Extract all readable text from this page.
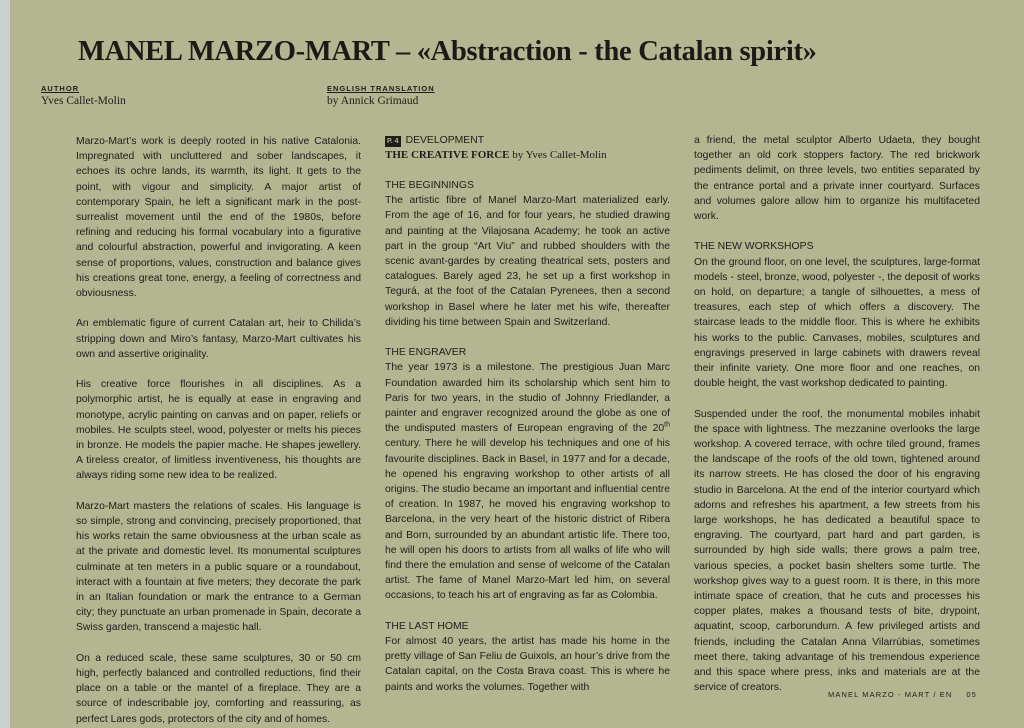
MANEL MARZO-MART – «Abstraction - the Catalan spirit»
AUTHOR
Yves Callet-Molin
ENGLISH TRANSLATION
by Annick Grimaud

Marzo-Mart’s work is deeply rooted in his native Catalonia. Impregnated with uncluttered and sober landscapes, it echoes its ochre lands, its warmth, its light. It gets to the point, with vigour and simplicity. A major artist of contemporary Spain, he left a significant mark in the post-surrealist movement until the end of the 1980s, before refining and reducing his formal vocabulary into a figurative and colourful abstraction, powerful and invigorating. A keen sense of proportions, values, construction and balance gives his creations great tone, energy, a feeling of correctness and obviousness.

An emblematic figure of current Catalan art, heir to Chilida’s stripping down and Miro’s fantasy, Marzo-Mart cultivates his own and assertive originality.

His creative force flourishes in all disciplines. As a polymorphic artist, he is equally at ease in engraving and monotype, acrylic painting on canvas and on paper, reliefs or mobiles. He sculpts steel, wood, polyester or melts his pieces in bronze. He models the papier mache. He shapes jewellery. A tireless creator, of limitless inventiveness, his thoughts are always riding some new idea to be realized.

Marzo-Mart masters the relations of scales. His language is so simple, strong and convincing, precisely proportioned, that his works retain the same obviousness at the urban scale as at the private and domestic level. Its monumental sculptures culminate at ten meters in a public square or a roundabout, interact with a fountain at five meters; they decorate the park in an Italian foundation or mark the entrance to a German city; they punctuate an urban promenade in Spain, decorate a Swiss garden, transcend a majestic hall.

On a reduced scale, these same sculptures, 30 or 50 cm high, perfectly balanced and controlled reductions, find their place on a table or the mantel of a fireplace. They are a source of indescribable joy, comforting and reassuring, as perfect Lares gods, protectors of the city and of homes.

P. 4 DEVELOPMENT
THE CREATIVE FORCE by Yves Callet-Molin
THE BEGINNINGS

The artistic fibre of Manel Marzo-Mart materialized early. From the age of 16, and for four years, he studied drawing and painting at the Vilajosana Academy; he took an active part in the group “Art Viu” and rubbed shoulders with the scenic avant-gardes by creating theatrical sets, posters and catalogues. Barely aged 23, he set up a first workshop in Tegurá, at the foot of the Catalan Pyrenees, then a second workshop in Basel where he later met his wife, thereafter dividing his time between Spain and Switzerland.

THE ENGRAVER

The year 1973 is a milestone. The prestigious Juan Marc Foundation awarded him its scholarship which sent him to Paris for two years, in the studio of Johnny Friedlander, a painter and engraver recognized around the globe as one of the undisputed masters of European engraving of the 20th century. There he will develop his techniques and one of his favourite disciplines. Back in Basel, in 1977 and for a decade, he opened his engraving workshop to other artists of all origins. The studio became an important and influential centre of creation. In 1987, he moved his engraving workshop to Barcelona, in the very heart of the historic district of Ribera and Born, surrounded by an abundant artistic life. There too, he will open his doors to artists from all walks of life who will find there the emulation and sense of welcome of the Catalan artist. The fame of Manel Marzo-Mart led him, on several occasions, to teach his art of engraving as far as Colombia.

THE LAST HOME

For almost 40 years, the artist has made his home in the pretty village of San Feliu de Guixols, an hour’s drive from the Catalan capital, on the Costa Brava coast. This is where he paints and works the volumes. Together with

a friend, the metal sculptor Alberto Udaeta, they bought together an old cork stoppers factory. The red brickwork pediments delimit, on three levels, two entities separated by the entrance portal and a private inner courtyard. Surfaces and volumes galore allow him to organize his multifaceted work.

THE NEW WORKSHOPS

On the ground floor, on one level, the sculptures, large-format models - steel, bronze, wood, polyester -, the deposit of works on hold, on departure; a tangle of silhouettes, a mess of treasures, each step of which offers a discovery. The staircase leads to the middle floor. This is where he exhibits his works to the public. Canvases, mobiles, sculptures and engravings preserved in large cabinets with drawers reveal their infinite variety. One more floor and one reaches, on double height, the vast workshop dedicated to painting.

Suspended under the roof, the monumental mobiles inhabit the space with lightness. The mezzanine overlooks the large workshop. A covered terrace, with ochre tiled ground, frames the landscape of the roofs of the old town, tightened around its narrow streets. He has closed the door of his engraving studio in Barcelona. At the end of the interior courtyard which adorns and refreshes his apartment, a few streets from his large workshops, he has dedicated a beautiful space to engraving. The courtyard, part hard and part garden, is surrounded by high side walls; there grows a palm tree, various species, a pocket basin shelters some turtle. The workshop gives way to a guest room. It is there, in this more intimate space of creation, that he cuts and processes his copper plates, makes a thousand tests of bite, drypoint, aquatint, scoop, carborundum. A few privileged artists and friends, including the Catalan Anna Vilarrúbias, sometimes meet there, taking advantage of his tremendous experience and this space where press, inks and materials are at the service of creators.

MANEL MARZO - MART / EN 05
